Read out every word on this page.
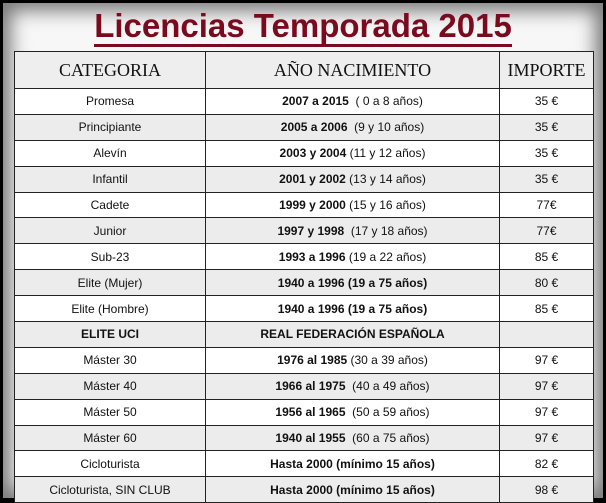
Licencias Temporada 2015
CATEGORIA	AÑO NACIMIENTO	IMPORTE
Promesa	2007 a 2015  ( 0 a 8 años)	35 €
Principiante	2005 a 2006  (9 y 10 años)	35 €
Alevín	2003 y 2004 (11 y 12 años)	35 €
Infantil	2001 y 2002 (13 y 14 años)	35 €
Cadete	1999 y 2000 (15 y 16 años)	77€
Junior	1997 y 1998  (17 y 18 años)	77€
Sub-23	1993 a 1996 (19 a 22 años)	85 €
Elite (Mujer)	1940 a 1996 (19 a 75 años)	80 €
Elite (Hombre)	1940 a 1996 (19 a 75 años)	85 €
ELITE UCI	REAL FEDERACIÓN ESPAÑOLA	
Máster 30	1976 al 1985 (30 a 39 años)	97 €
Máster 40	1966 al 1975  (40 a 49 años)	97 €
Máster 50	1956 al 1965  (50 a 59 años)	97 €
Máster 60	1940 al 1955  (60 a 75 años)	97 €
Cicloturista	Hasta 2000 (mínimo 15 años)	82 €
Cicloturista, SIN CLUB	Hasta 2000 (mínimo 15 años)	98 €
